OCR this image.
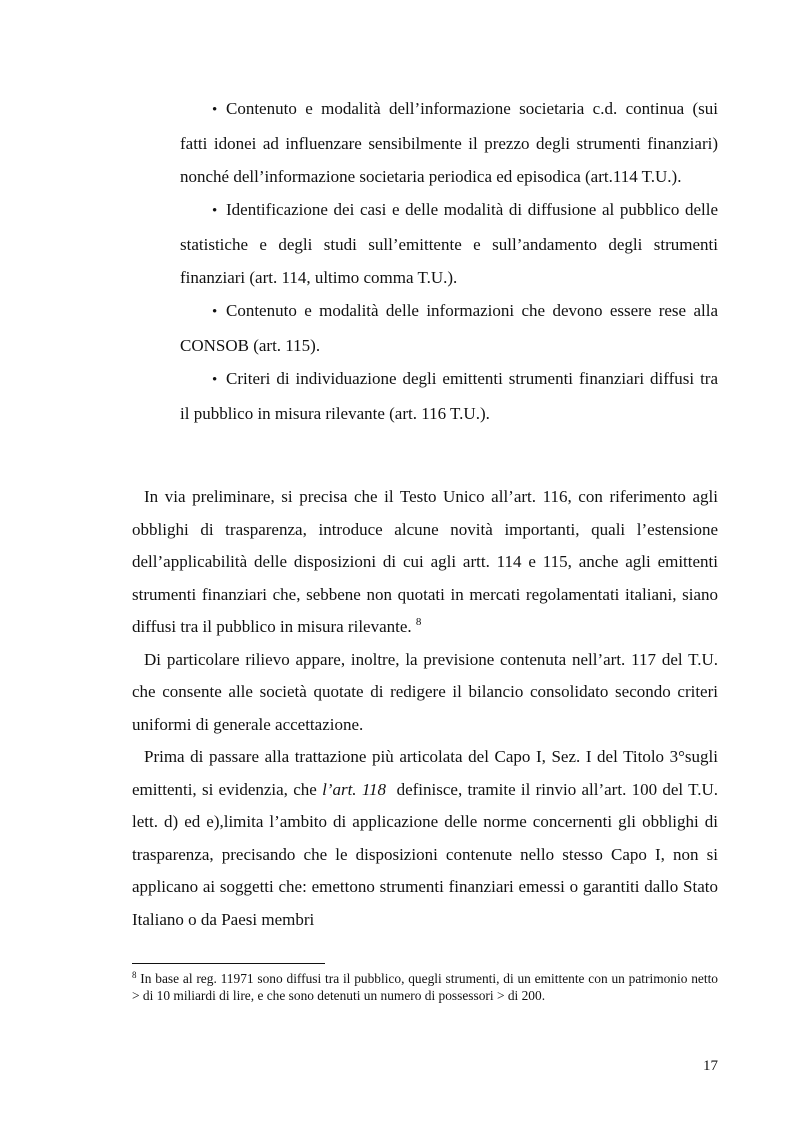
• Contenuto e modalità dell’informazione societaria c.d. continua (sui fatti idonei ad influenzare sensibilmente il prezzo degli strumenti finanziari) nonché dell’informazione societaria periodica ed episodica (art.114 T.U.).
• Identificazione dei casi e delle modalità di diffusione al pubblico delle statistiche e degli studi sull’emittente e sull’andamento degli strumenti finanziari (art. 114, ultimo comma T.U.).
• Contenuto e modalità delle informazioni che devono essere rese alla CONSOB (art. 115).
• Criteri di individuazione degli emittenti strumenti finanziari diffusi tra il pubblico in misura rilevante (art. 116 T.U.).

In via preliminare, si precisa che il Testo Unico all’art. 116, con riferimento agli obblighi di trasparenza, introduce alcune novità importanti, quali l’estensione dell’applicabilità delle disposizioni di cui agli artt. 114 e 115, anche agli emittenti strumenti finanziari che, sebbene non quotati in mercati regolamentati italiani, siano diffusi tra il pubblico in misura rilevante. $^8$

Di particolare rilievo appare, inoltre, la previsione contenuta nell’art. 117 del T.U. che consente alle società quotate di redigere il bilancio consolidato secondo criteri uniformi di generale accettazione.

Prima di passare alla trattazione più articolata del Capo I, Sez. I del Titolo 3°sugli emittenti, si evidenzia, che l’art. 118  definisce, tramite il rinvio all’art. 100 del T.U. lett. d) ed e),limita l’ambito di applicazione delle norme concernenti gli obblighi di trasparenza, precisando che le disposizioni contenute nello stesso Capo I, non si applicano ai soggetti che: emettono strumenti finanziari emessi o garantiti dallo Stato Italiano o da Paesi membri

$^8$ In base al reg. 11971 sono diffusi tra il pubblico, quegli strumenti, di un emittente con un patrimonio netto > di 10 miliardi di lire, e che sono detenuti un numero di possessori > di 200.

17
